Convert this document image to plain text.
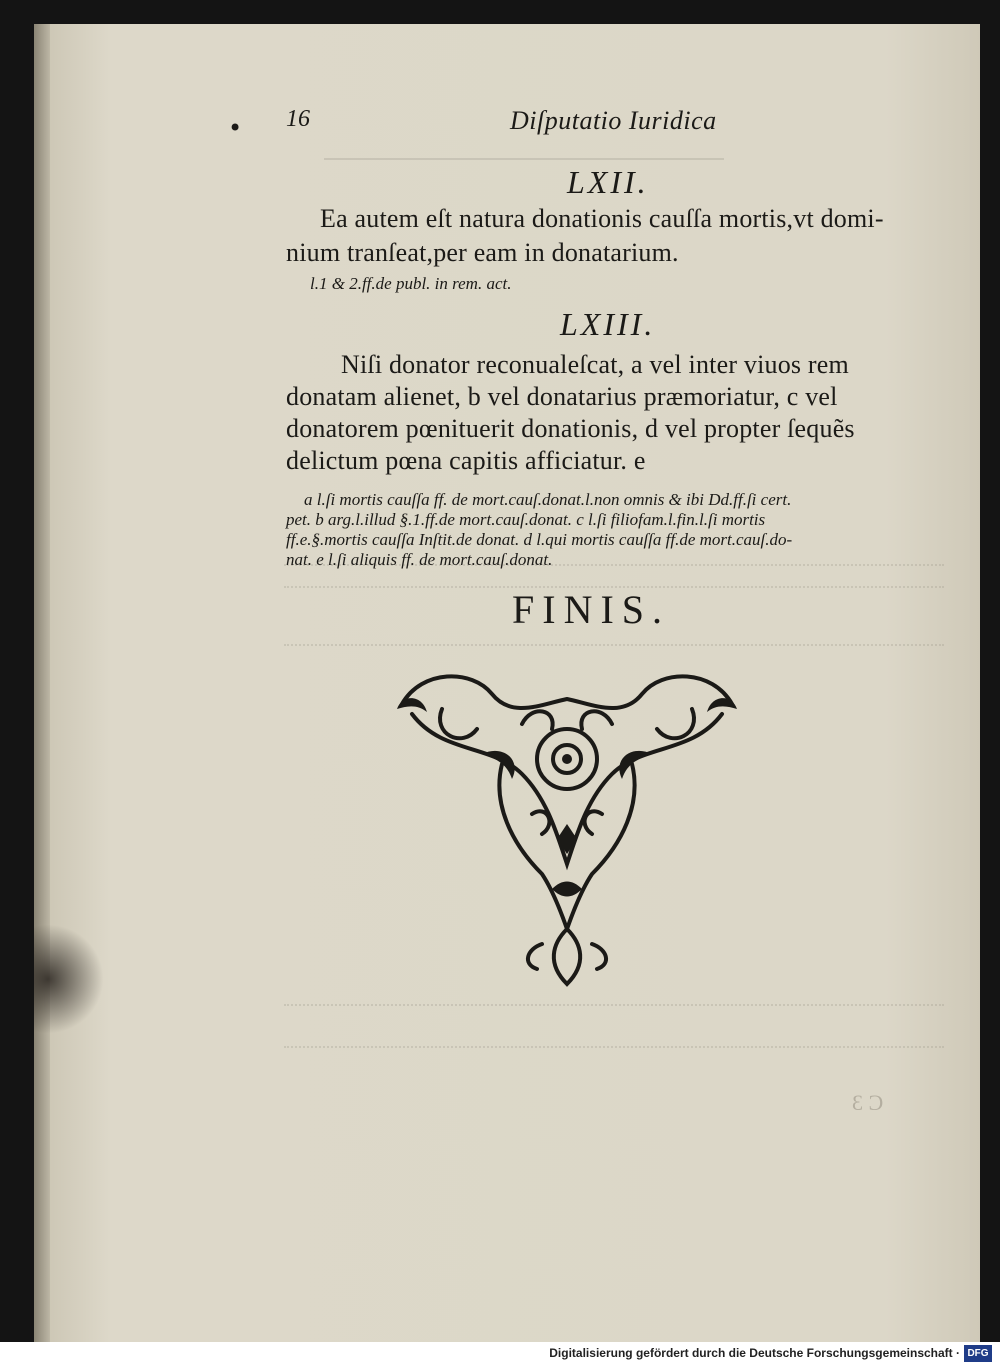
• 16	Diſputatio Iuridica
LXII.
Ea autem eſt natura donationis cauſſa mortis,vt domi-
nium tranſeat,per eam in donatarium.
l.1 & 2.ff.de publ. in rem. act.
LXIII.
Niſi donator reconualeſcat, a vel inter viuos rem
donatam alienet, b vel donatarius præmoriatur, c vel
donatorem pœnituerit donationis, d vel propter ſequẽs
delictum pœna capitis afficiatur. e
a l.ſi mortis cauſſa ff. de mort.cauſ.donat.l.non omnis & ibi Dd.ff.ſi cert.
pet. b arg.l.illud §.1.ff.de mort.cauſ.donat. c l.ſi filiofam.l.fin.l.ſi mortis
ff.e.§.mortis cauſſa Inſtit.de donat. d l.qui mortis cauſſa ff.de mort.cauſ.do-
nat. e l.ſi aliquis ff. de mort.cauſ.donat.
FINIS.
C 3
Digitalisierung gefördert durch die Deutsche Forschungsgemeinschaft · DFG
